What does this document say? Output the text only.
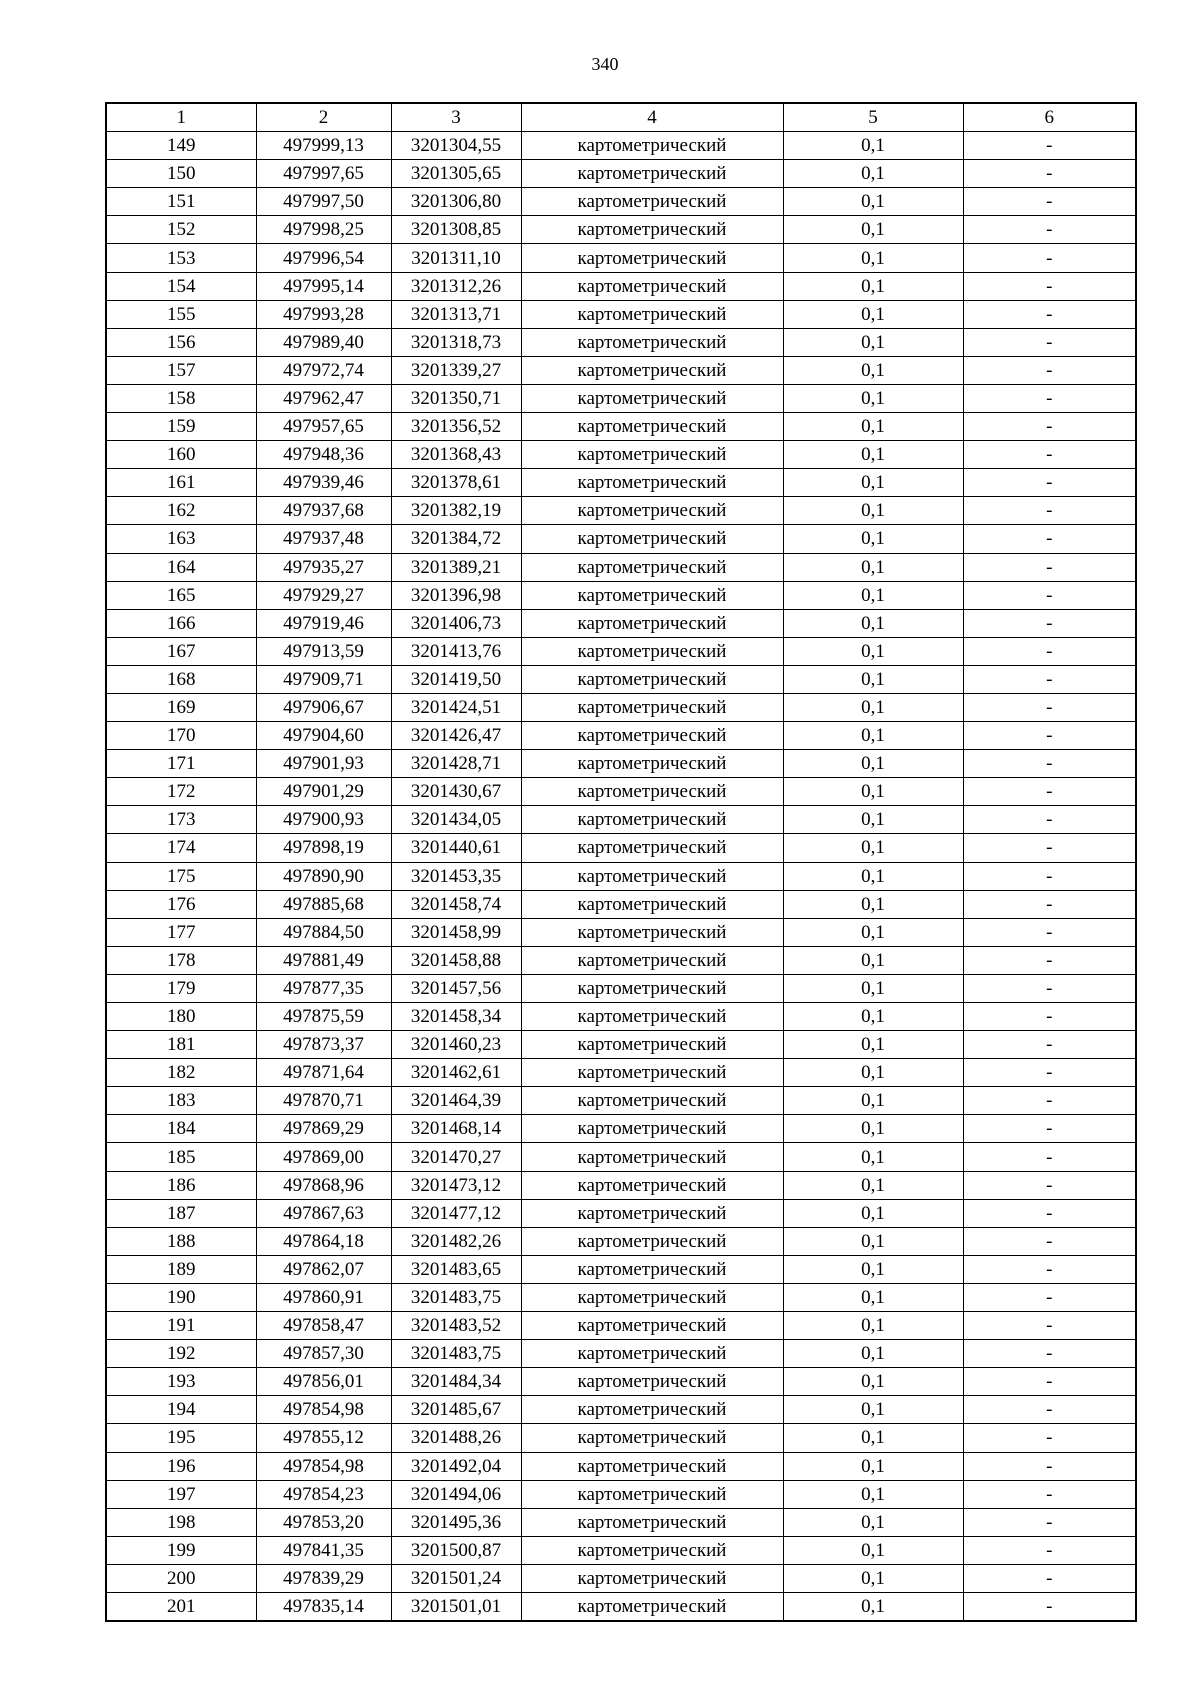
340
1	2	3	4	5	6
149	497999,13	3201304,55	картометрический	0,1	-
150	497997,65	3201305,65	картометрический	0,1	-
151	497997,50	3201306,80	картометрический	0,1	-
152	497998,25	3201308,85	картометрический	0,1	-
153	497996,54	3201311,10	картометрический	0,1	-
154	497995,14	3201312,26	картометрический	0,1	-
155	497993,28	3201313,71	картометрический	0,1	-
156	497989,40	3201318,73	картометрический	0,1	-
157	497972,74	3201339,27	картометрический	0,1	-
158	497962,47	3201350,71	картометрический	0,1	-
159	497957,65	3201356,52	картометрический	0,1	-
160	497948,36	3201368,43	картометрический	0,1	-
161	497939,46	3201378,61	картометрический	0,1	-
162	497937,68	3201382,19	картометрический	0,1	-
163	497937,48	3201384,72	картометрический	0,1	-
164	497935,27	3201389,21	картометрический	0,1	-
165	497929,27	3201396,98	картометрический	0,1	-
166	497919,46	3201406,73	картометрический	0,1	-
167	497913,59	3201413,76	картометрический	0,1	-
168	497909,71	3201419,50	картометрический	0,1	-
169	497906,67	3201424,51	картометрический	0,1	-
170	497904,60	3201426,47	картометрический	0,1	-
171	497901,93	3201428,71	картометрический	0,1	-
172	497901,29	3201430,67	картометрический	0,1	-
173	497900,93	3201434,05	картометрический	0,1	-
174	497898,19	3201440,61	картометрический	0,1	-
175	497890,90	3201453,35	картометрический	0,1	-
176	497885,68	3201458,74	картометрический	0,1	-
177	497884,50	3201458,99	картометрический	0,1	-
178	497881,49	3201458,88	картометрический	0,1	-
179	497877,35	3201457,56	картометрический	0,1	-
180	497875,59	3201458,34	картометрический	0,1	-
181	497873,37	3201460,23	картометрический	0,1	-
182	497871,64	3201462,61	картометрический	0,1	-
183	497870,71	3201464,39	картометрический	0,1	-
184	497869,29	3201468,14	картометрический	0,1	-
185	497869,00	3201470,27	картометрический	0,1	-
186	497868,96	3201473,12	картометрический	0,1	-
187	497867,63	3201477,12	картометрический	0,1	-
188	497864,18	3201482,26	картометрический	0,1	-
189	497862,07	3201483,65	картометрический	0,1	-
190	497860,91	3201483,75	картометрический	0,1	-
191	497858,47	3201483,52	картометрический	0,1	-
192	497857,30	3201483,75	картометрический	0,1	-
193	497856,01	3201484,34	картометрический	0,1	-
194	497854,98	3201485,67	картометрический	0,1	-
195	497855,12	3201488,26	картометрический	0,1	-
196	497854,98	3201492,04	картометрический	0,1	-
197	497854,23	3201494,06	картометрический	0,1	-
198	497853,20	3201495,36	картометрический	0,1	-
199	497841,35	3201500,87	картометрический	0,1	-
200	497839,29	3201501,24	картометрический	0,1	-
201	497835,14	3201501,01	картометрический	0,1	-
